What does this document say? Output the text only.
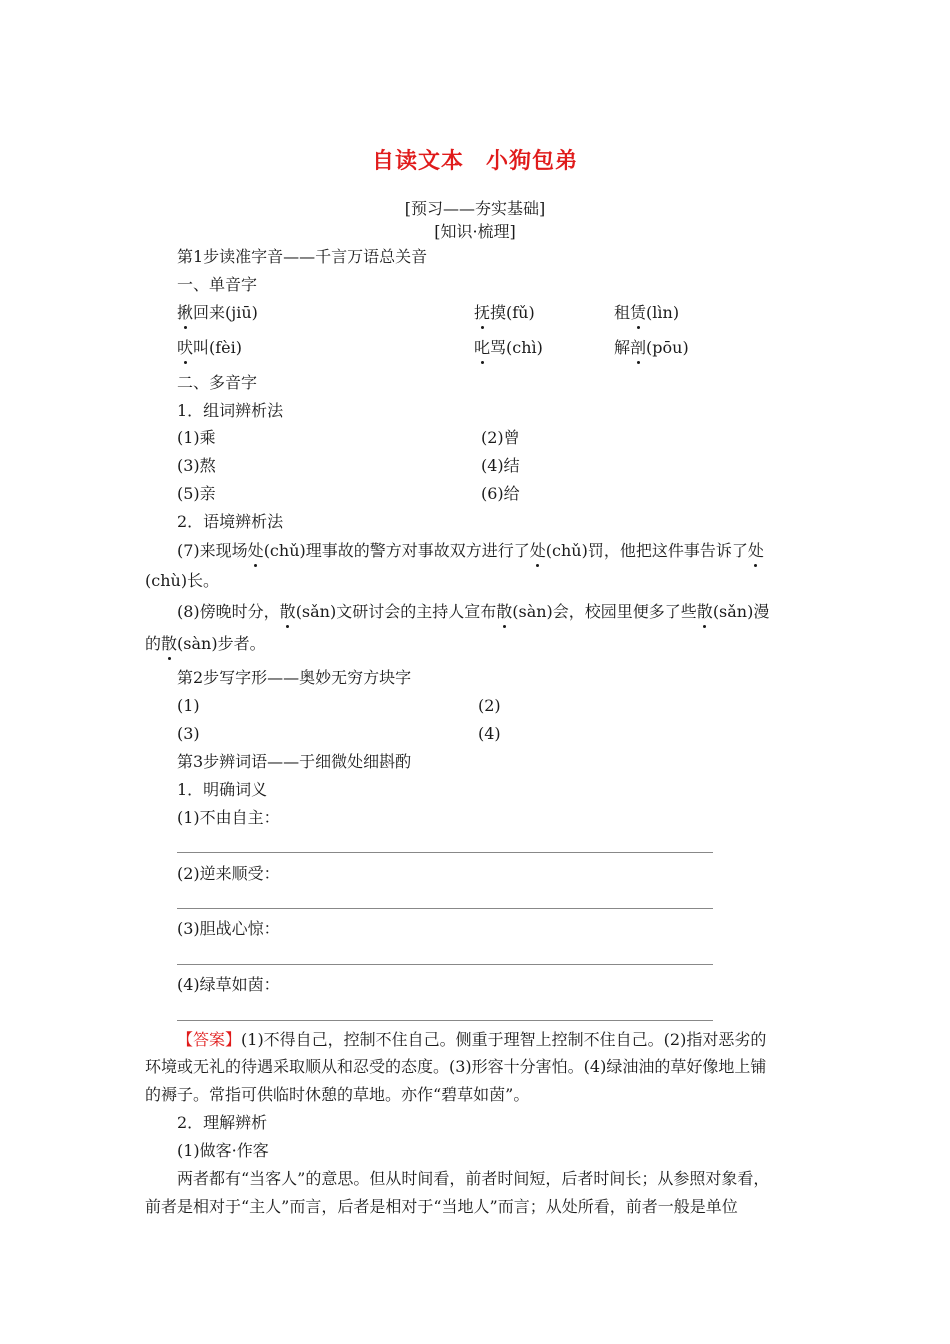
自读文本 小狗包弟
[预习——夯实基础]
[知识·梳理]
第1步读准字音——千言万语总关音
一、单音字
揪回来(jiū)	抚摸(fǔ)	租赁(lìn)
吠叫(fèi)	叱骂(chì)	解剖(pōu)
二、多音字
1．组词辨析法
(1)乘	(2)曾
(3)熬	(4)结
(5)亲	(6)给
2．语境辨析法
(7)来现场处(chǔ)理事故的警方对事故双方进行了处(chǔ)罚，他把这件事告诉了处
(chù)长。
(8)傍晚时分，散(sǎn)文研讨会的主持人宣布散(sàn)会，校园里便多了些散(sǎn)漫
的散(sàn)步者。
第2步写字形——奥妙无穷方块字
(1)	(2)
(3)	(4)
第3步辨词语——于细微处细斟酌
1．明确词义
(1)不由自主：
(2)逆来顺受：
(3)胆战心惊：
(4)绿草如茵：
【答案】(1)不得自己，控制不住自己。侧重于理智上控制不住自己。(2)指对恶劣的
环境或无礼的待遇采取顺从和忍受的态度。(3)形容十分害怕。(4)绿油油的草好像地上铺
的褥子。常指可供临时休憩的草地。亦作“碧草如茵”。
2．理解辨析
(1)做客·作客
两者都有“当客人”的意思。但从时间看，前者时间短，后者时间长；从参照对象看，
前者是相对于“主人”而言，后者是相对于“当地人”而言；从处所看，前者一般是单位
